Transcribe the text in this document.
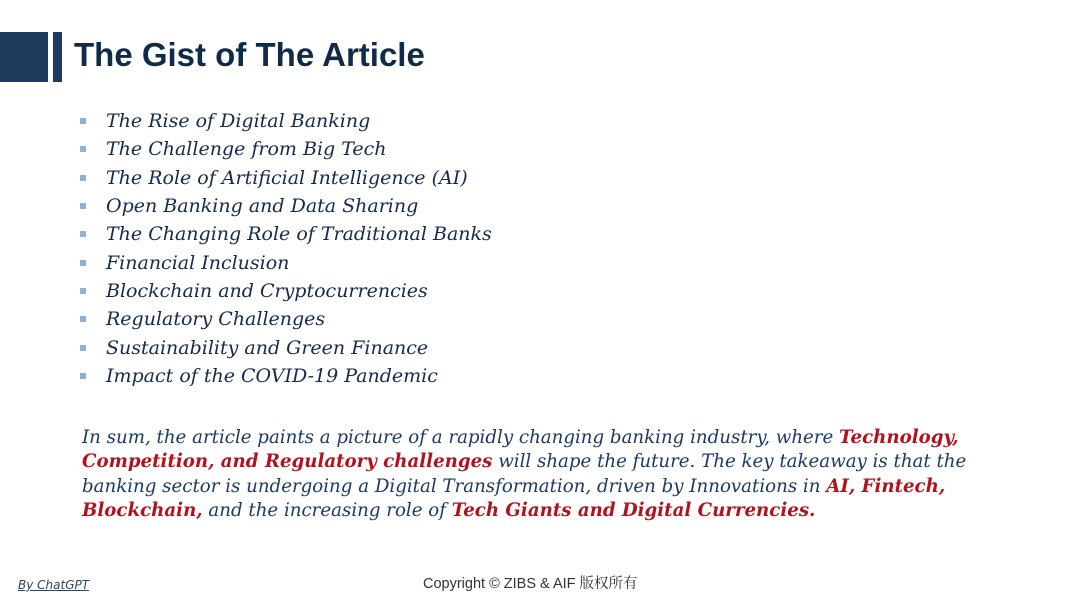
The Gist of The Article
The Rise of Digital Banking
The Challenge from Big Tech
The Role of Artificial Intelligence (AI)
Open Banking and Data Sharing
The Changing Role of Traditional Banks
Financial Inclusion
Blockchain and Cryptocurrencies
Regulatory Challenges
Sustainability and Green Finance
Impact of the COVID-19 Pandemic

In sum, the article paints a picture of a rapidly changing banking industry, where Technology, Competition, and Regulatory challenges will shape the future. The key takeaway is that the banking sector is undergoing a Digital Transformation, driven by Innovations in AI, Fintech, Blockchain, and the increasing role of Tech Giants and Digital Currencies.

By ChatGPT	Copyright © ZIBS & AIF 版权所有
